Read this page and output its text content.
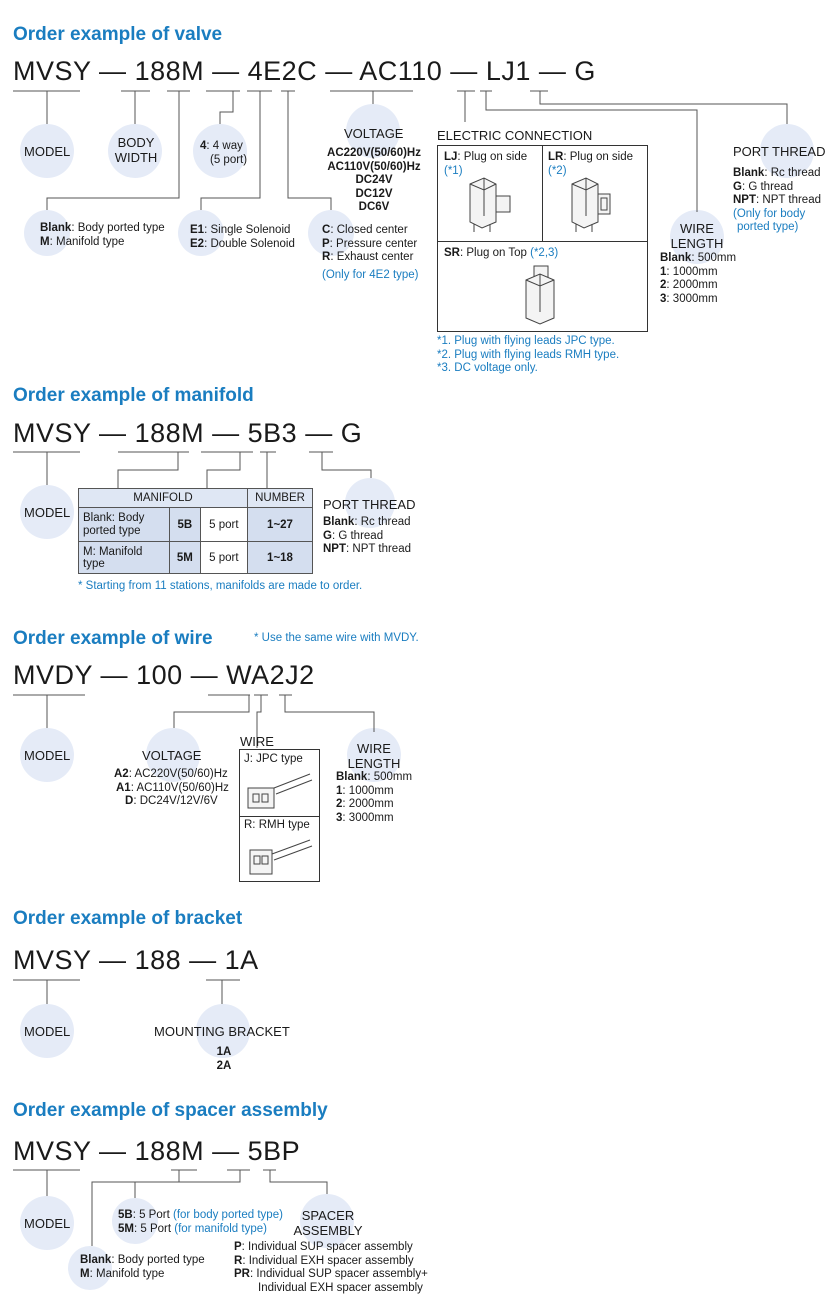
Order example of valve
MVSY — 188M — 4E2C — AC110 — LJ1 — G
MODEL
BODY
WIDTH
4: 4 way
(5 port)
Blank: Body ported type
M: Manifold type
E1: Single Solenoid
E2: Double Solenoid
C: Closed center
P: Pressure center
R: Exhaust center
(Only for 4E2 type)
VOLTAGE
AC220V(50/60)Hz
AC110V(50/60)Hz
DC24V
DC12V
DC6V
ELECTRIC CONNECTION
LJ: Plug on side
(*1)
LR: Plug on side
(*2)
SR: Plug on Top (*2,3)
*1. Plug with flying leads JPC type.
*2. Plug with flying leads RMH type.
*3. DC voltage only.
WIRE
LENGTH
Blank: 500mm
1: 1000mm
2: 2000mm
3: 3000mm
PORT THREAD
Blank: Rc thread
G: G thread
NPT: NPT thread
(Only for body
ported type)
Order example of manifold
MVSY — 188M — 5B3 — G
MODEL
MANIFOLD			NUMBER
Blank: Body ported type	5B	5 port	1~27
M: Manifold type	5M	5 port	1~18
PORT THREAD
Blank: Rc thread
G: G thread
NPT: NPT thread
* Starting from 11 stations, manifolds are made to order.
Order example of wire	* Use the same wire with MVDY.
MVDY — 100 — WA2J2
MODEL	VOLTAGE
A2: AC220V(50/60)Hz
A1: AC110V(50/60)Hz
D: DC24V/12V/6V
WIRE
J: JPC type
R: RMH type
WIRE
LENGTH
Blank: 500mm
1: 1000mm
2: 2000mm
3: 3000mm
Order example of bracket
MVSY — 188 — 1A
MODEL	MOUNTING BRACKET
1A
2A
Order example of spacer assembly
MVSY — 188M — 5BP
MODEL
5B: 5 Port (for body ported type)
5M: 5 Port (for manifold type)
SPACER
ASSEMBLY
P: Individual SUP spacer assembly
R: Individual EXH spacer assembly
PR: Individual SUP spacer assembly+
Individual EXH spacer assembly
Blank: Body ported type
M: Manifold type
